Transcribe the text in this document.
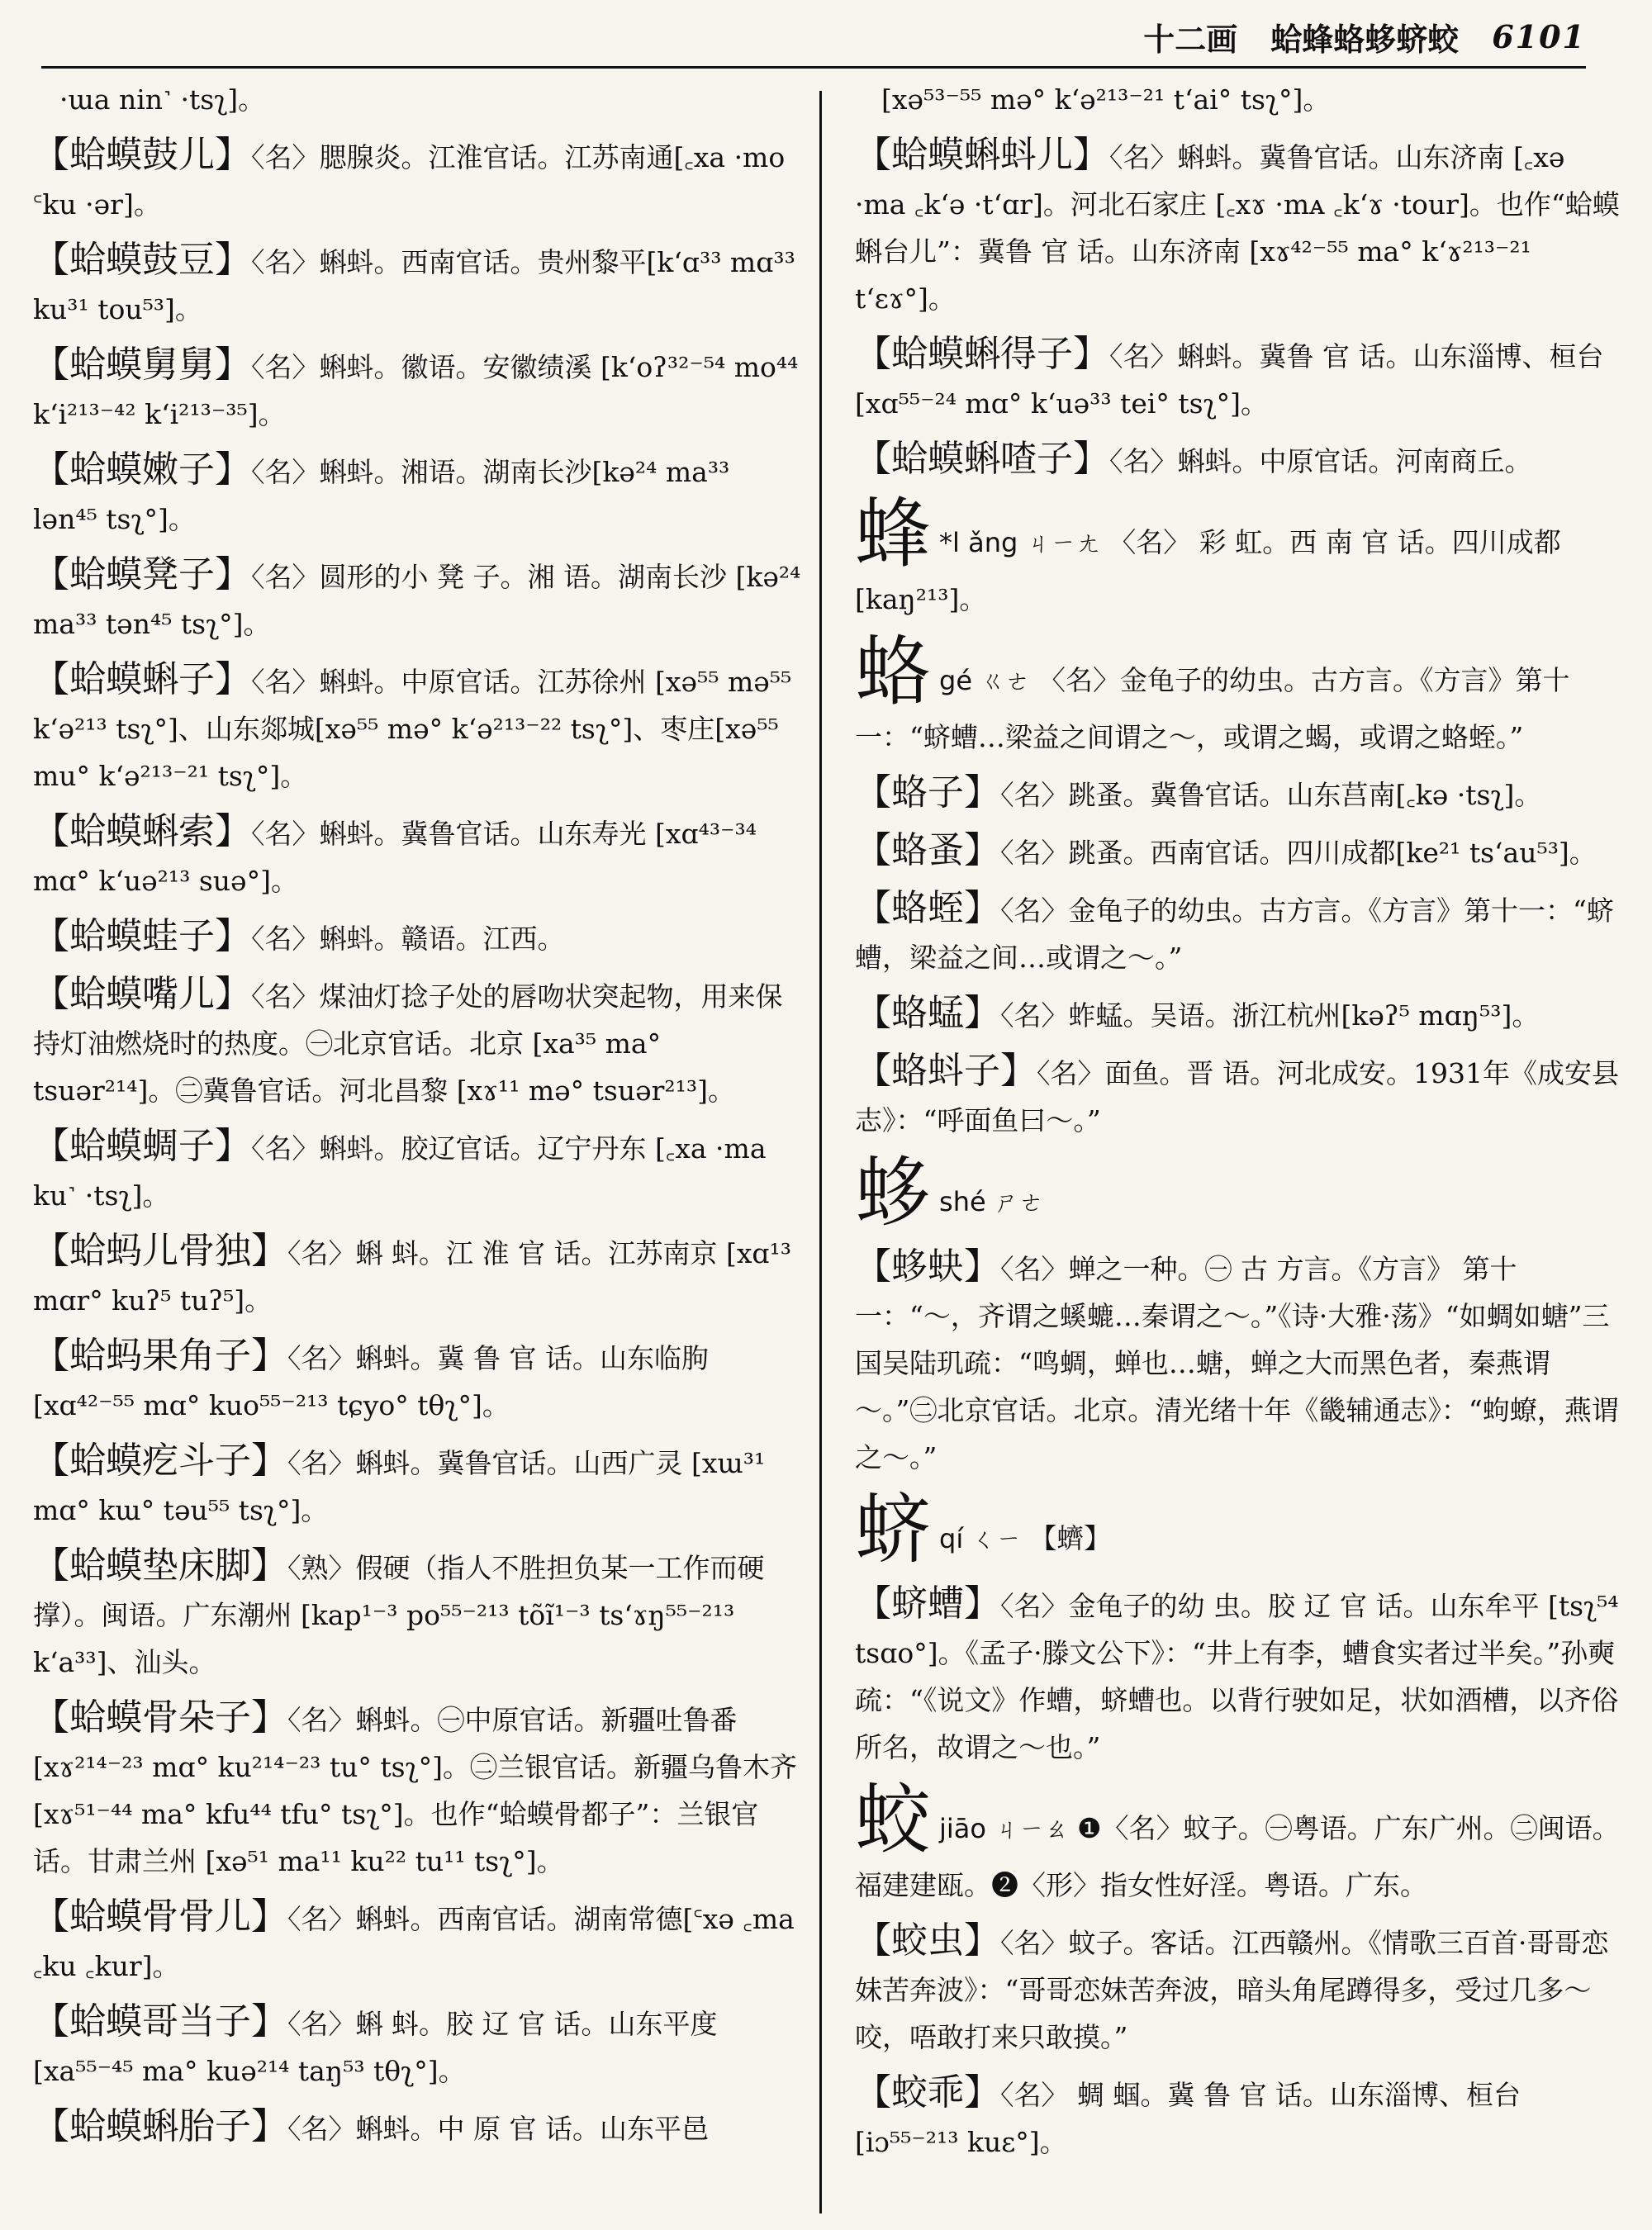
十二画 蛤蜂蛒蛥蛴蛟 6101
·ɯa nin˺ ·tsʅ]。
【蛤蟆鼓儿】〈名〉腮腺炎。江淮官话。江苏南通[꜀xa ·mo ꜂ku ·ər]。
【蛤蟆鼓豆】〈名〉蝌蚪。西南官话。贵州黎平[k‘ɑ³³ mɑ³³ ku³¹ tou⁵³]。
【蛤蟆舅舅】〈名〉蝌蚪。徽语。安徽绩溪 [k‘oʔ³²⁻⁵⁴ mo⁴⁴ k‘i²¹³⁻⁴² k‘i²¹³⁻³⁵]。
【蛤蟆嫩子】〈名〉蝌蚪。湘语。湖南长沙[kə²⁴ ma³³ lən⁴⁵ tsʅ°]。
【蛤蟆凳子】〈名〉圆形的小 凳 子。湘 语。湖南长沙 [kə²⁴ ma³³ tən⁴⁵ tsʅ°]。
【蛤蟆蝌子】〈名〉蝌蚪。中原官话。江苏徐州 [xə⁵⁵ mə⁵⁵ k‘ə²¹³ tsʅ°]、山东郯城[xə⁵⁵ mə° k‘ə²¹³⁻²² tsʅ°]、枣庄[xə⁵⁵ mu° k‘ə²¹³⁻²¹ tsʅ°]。
【蛤蟆蝌索】〈名〉蝌蚪。冀鲁官话。山东寿光 [xɑ⁴³⁻³⁴ mɑ° k‘uə²¹³ suə°]。
【蛤蟆蛙子】〈名〉蝌蚪。赣语。江西。
【蛤蟆嘴儿】〈名〉煤油灯捻子处的唇吻状突起物，用来保持灯油燃烧时的热度。㊀北京官话。北京 [xa³⁵ ma° tsuər²¹⁴]。㊁冀鲁官话。河北昌黎 [xɤ¹¹ mə° tsuər²¹³]。
【蛤蟆蜩子】〈名〉蝌蚪。胶辽官话。辽宁丹东 [꜀xa ·ma ku˺ ·tsʅ]。
【蛤蚂儿骨独】〈名〉蝌 蚪。江 淮 官 话。江苏南京 [xɑ¹³ mɑr° kuʔ⁵ tuʔ⁵]。
【蛤蚂果角子】〈名〉蝌蚪。冀 鲁 官 话。山东临朐 [xɑ⁴²⁻⁵⁵ mɑ° kuo⁵⁵⁻²¹³ tɕyo° tθʅ°]。
【蛤蟆疙斗子】〈名〉蝌蚪。冀鲁官话。山西广灵 [xɯ³¹ mɑ° kɯ° təu⁵⁵ tsʅ°]。
【蛤蟆垫床脚】〈熟〉假硬（指人不胜担负某一工作而硬撑）。闽语。广东潮州 [kap¹⁻³ po⁵⁵⁻²¹³ tõĩ¹⁻³ ts‘ɤŋ⁵⁵⁻²¹³ k‘a³³]、汕头。
【蛤蟆骨朵子】〈名〉蝌蚪。㊀中原官话。新疆吐鲁番 [xɤ²¹⁴⁻²³ mɑ° ku²¹⁴⁻²³ tu° tsʅ°]。㊁兰银官话。新疆乌鲁木齐 [xɤ⁵¹⁻⁴⁴ ma° kfu⁴⁴ tfu° tsʅ°]。也作“蛤蟆骨都子”：兰银官话。甘肃兰州 [xə⁵¹ ma¹¹ ku²² tu¹¹ tsʅ°]。
【蛤蟆骨骨儿】〈名〉蝌蚪。西南官话。湖南常德[꜂xə ꜀ma ꜀ku ꜀kur]。
【蛤蟆哥当子】〈名〉蝌 蚪。胶 辽 官 话。山东平度 [xa⁵⁵⁻⁴⁵ ma° kuə²¹⁴ taŋ⁵³ tθʅ°]。
【蛤蟆蝌胎子】〈名〉蝌蚪。中 原 官 话。山东平邑
[xə⁵³⁻⁵⁵ mə° k‘ə²¹³⁻²¹ t‘ai° tsʅ°]。
【蛤蟆蝌蚪儿】〈名〉蝌蚪。冀鲁官话。山东济南 [꜀xə ·ma ꜀k‘ə ·t‘ɑr]。河北石家庄 [꜀xɤ ·mᴀ ꜀k‘ɤ ·tour]。也作“蛤蟆蝌台儿”：冀鲁 官 话。山东济南 [xɤ⁴²⁻⁵⁵ ma° k‘ɤ²¹³⁻²¹ t‘ɛɤ°]。
【蛤蟆蝌得子】〈名〉蝌蚪。冀鲁 官 话。山东淄博、桓台[xɑ⁵⁵⁻²⁴ mɑ° k‘uə³³ tei° tsʅ°]。
【蛤蟆蝌喳子】〈名〉蝌蚪。中原官话。河南商丘。
蜂 *l ǎng ㄐㄧㄤ 〈名〉 彩 虹。西 南 官 话。四川成都 [kaŋ²¹³]。
蛒gé ㄍㄜ 〈名〉金龟子的幼虫。古方言。《方言》第十一：“蛴螬…梁益之间谓之～，或谓之蝎，或谓之蛒蛭。”
【蛒子】〈名〉跳蚤。冀鲁官话。山东莒南[꜀kə ·tsʅ]。
【蛒蚤】〈名〉跳蚤。西南官话。四川成都[ke²¹ ts‘au⁵³]。
【蛒蛭】〈名〉金龟子的幼虫。古方言。《方言》第十一：“蛴螬，梁益之间…或谓之～。”
【蛒蜢】〈名〉蚱蜢。吴语。浙江杭州[kəʔ⁵ mɑŋ⁵³]。
【蛒蚪子】〈名〉面鱼。晋 语。河北成安。1931年《成安县志》：“呼面鱼曰～。”
蛥shé ㄕㄜ
【蛥蚗】〈名〉蝉之一种。㊀ 古 方言。《方言》 第十一：“～，齐谓之螇螰…秦谓之～。”《诗·大雅·荡》“如蜩如螗”三国吴陆玑疏：“鸣蜩，蝉也…螗，蝉之大而黑色者，秦燕谓～。”㊁北京官话。北京。清光绪十年《畿辅通志》：“蚼蟟，燕谓之～。”
蛴qí ㄑㄧ 【蠐】
【蛴螬】〈名〉金龟子的幼 虫。胶 辽 官 话。山东牟平 [tsʅ⁵⁴ tsɑo°]。《孟子·滕文公下》：“井上有李，螬食实者过半矣。”孙奭疏：“《说文》作螬，蛴螬也。以背行驶如足，状如酒槽，以齐俗所名，故谓之～也。”
蛟jiāo ㄐㄧㄠ ❶〈名〉蚊子。㊀粤语。广东广州。㊁闽语。福建建瓯。❷〈形〉指女性好淫。粤语。广东。
【蛟虫】〈名〉蚊子。客话。江西赣州。《情歌三百首·哥哥恋妹苦奔波》：“哥哥恋妹苦奔波，暗头角尾蹲得多，受过几多～咬，唔敢打来只敢摸。”
【蛟乖】〈名〉 蜩 蝈。冀 鲁 官 话。山东淄博、桓台 [iɔ⁵⁵⁻²¹³ kuɛ°]。
